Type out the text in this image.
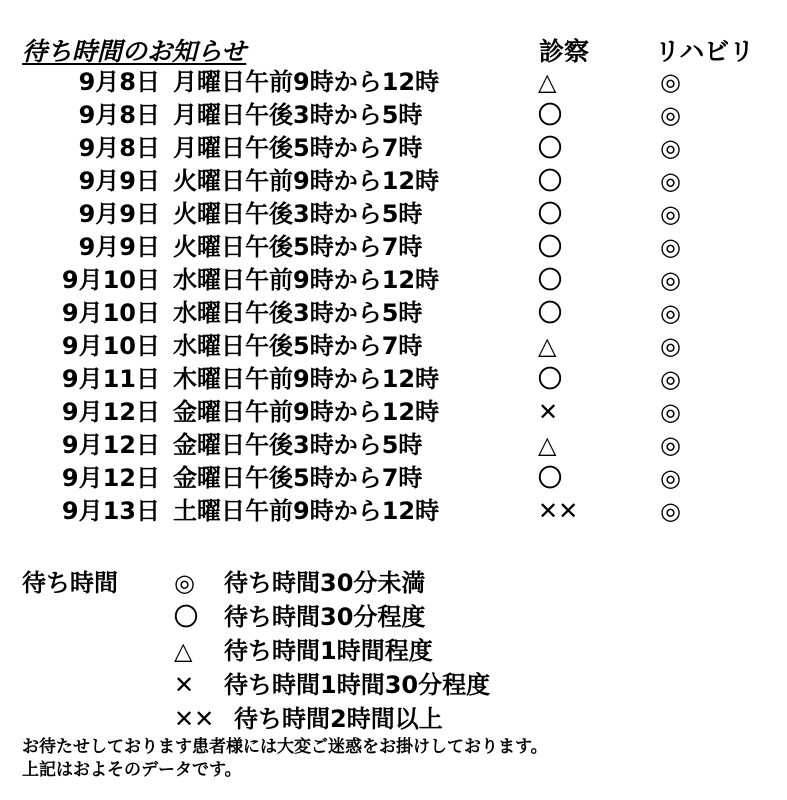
待ち時間のお知らせ	診察	リハビリ
9月8日 月曜日午前9時から12時	△	◎
9月8日 月曜日午後3時から5時	〇	◎
9月8日 月曜日午後5時から7時	〇	◎
9月9日 火曜日午前9時から12時	〇	◎
9月9日 火曜日午後3時から5時	〇	◎
9月9日 火曜日午後5時から7時	〇	◎
9月10日 水曜日午前9時から12時	〇	◎
9月10日 水曜日午後3時から5時	〇	◎
9月10日 水曜日午後5時から7時	△	◎
9月11日 木曜日午前9時から12時	〇	◎
9月12日 金曜日午前9時から12時	✕	◎
9月12日 金曜日午後3時から5時	△	◎
9月12日 金曜日午後5時から7時	〇	◎
9月13日 土曜日午前9時から12時	✕✕	◎
待ち時間 ◎ 待ち時間30分未満
〇 待ち時間30分程度
△ 待ち時間1時間程度
✕ 待ち時間1時間30分程度
✕✕ 待ち時間2時間以上
お待たせしております患者様には大変ご迷惑をお掛けしております。
上記はおよそのデータです。
